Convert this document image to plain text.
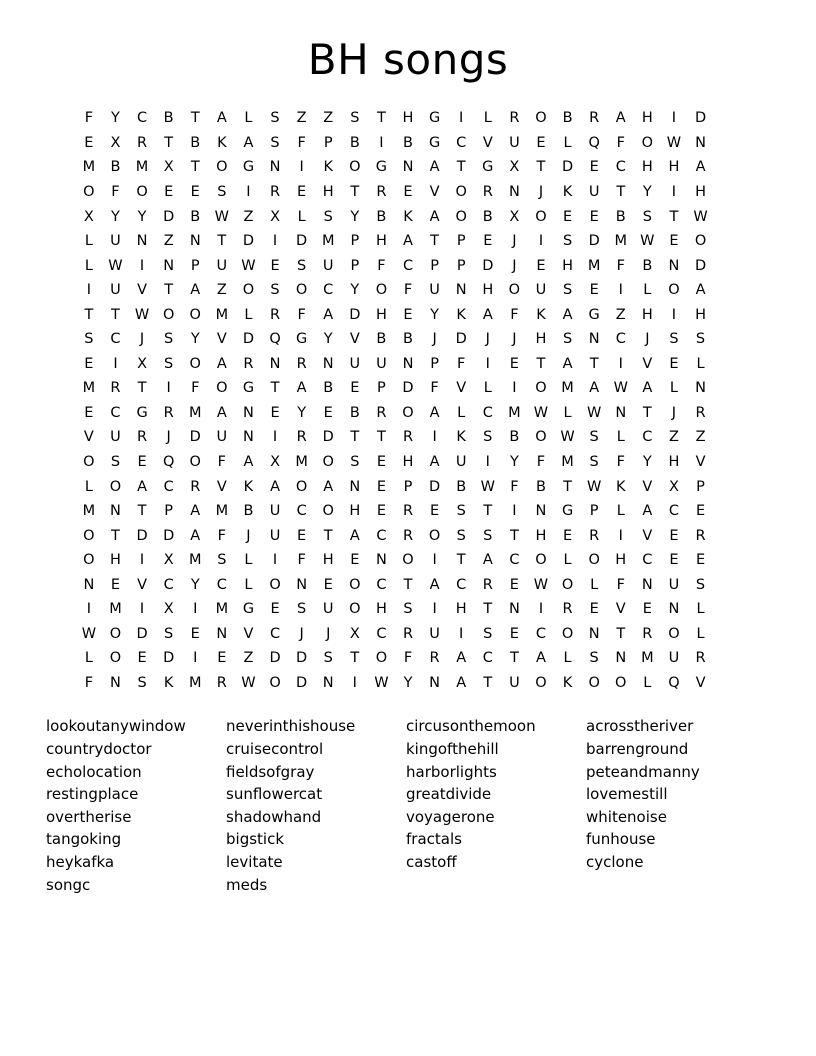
BH songs
F	Y	C	B	T	A	L	S	Z	Z	S	T	H	G	I	L	R	O	B	R	A	H	I	D	
E	X	R	T	B	K	A	S	F	P	B	I	B	G	C	V	U	E	L	Q	F	O	W	N	
M	B	M	X	T	O	G	N	I	K	O	G	N	A	T	G	X	T	D	E	C	H	H	A	
O	F	O	E	E	S	I	R	E	H	T	R	E	V	O	R	N	J	K	U	T	Y	I	H	
X	Y	Y	D	B	W	Z	X	L	S	Y	B	K	A	O	B	X	O	E	E	B	S	T	W	
L	U	N	Z	N	T	D	I	D	M	P	H	A	T	P	E	J	I	S	D	M	W	E	O	
L	W	I	N	P	U	W	E	S	U	P	F	C	P	P	D	J	E	H	M	F	B	N	D	
I	U	V	T	A	Z	O	S	O	C	Y	O	F	U	N	H	O	U	S	E	I	L	O	A	
T	T	W	O	O	M	L	R	F	A	D	H	E	Y	K	A	F	K	A	G	Z	H	I	H	
S	C	J	S	Y	V	D	Q	G	Y	V	B	B	J	D	J	J	H	S	N	C	J	S	S	
E	I	X	S	O	A	R	N	R	N	U	U	N	P	F	I	E	T	A	T	I	V	E	L	
M	R	T	I	F	O	G	T	A	B	E	P	D	F	V	L	I	O	M	A	W	A	L	N	
E	C	G	R	M	A	N	E	Y	E	B	R	O	A	L	C	M	W	L	W	N	T	J	R	
V	U	R	J	D	U	N	I	R	D	T	T	R	I	K	S	B	O	W	S	L	C	Z	Z	
O	S	E	Q	O	F	A	X	M	O	S	E	H	A	U	I	Y	F	M	S	F	Y	H	V	
L	O	A	C	R	V	K	A	O	A	N	E	P	D	B	W	F	B	T	W	K	V	X	P	
M	N	T	P	A	M	B	U	C	O	H	E	R	E	S	T	I	N	G	P	L	A	C	E	
O	T	D	D	A	F	J	U	E	T	A	C	R	O	S	S	T	H	E	R	I	V	E	R	
O	H	I	X	M	S	L	I	F	H	E	N	O	I	T	A	C	O	L	O	H	C	E	E	
N	E	V	C	Y	C	L	O	N	E	O	C	T	A	C	R	E	W	O	L	F	N	U	S	
I	M	I	X	I	M	G	E	S	U	O	H	S	I	H	T	N	I	R	E	V	E	N	L	
W	O	D	S	E	N	V	C	J	J	X	C	R	U	I	S	E	C	O	N	T	R	O	L	
L	O	E	D	I	E	Z	D	D	S	T	O	F	R	A	C	T	A	L	S	N	M	U	R	
F	N	S	K	M	R	W	O	D	N	I	W	Y	N	A	T	U	O	K	O	O	L	Q	V	
lookoutanywindow
countrydoctor
echolocation
restingplace
overtherise
tangoking
heykafka
songc
neverinthishouse
cruisecontrol
fieldsofgray
sunflowercat
shadowhand
bigstick
levitate
meds
circusonthemoon
kingofthehill
harborlights
greatdivide
voyagerone
fractals
castoff
acrosstheriver
barrenground
peteandmanny
lovemestill
whitenoise
funhouse
cyclone
